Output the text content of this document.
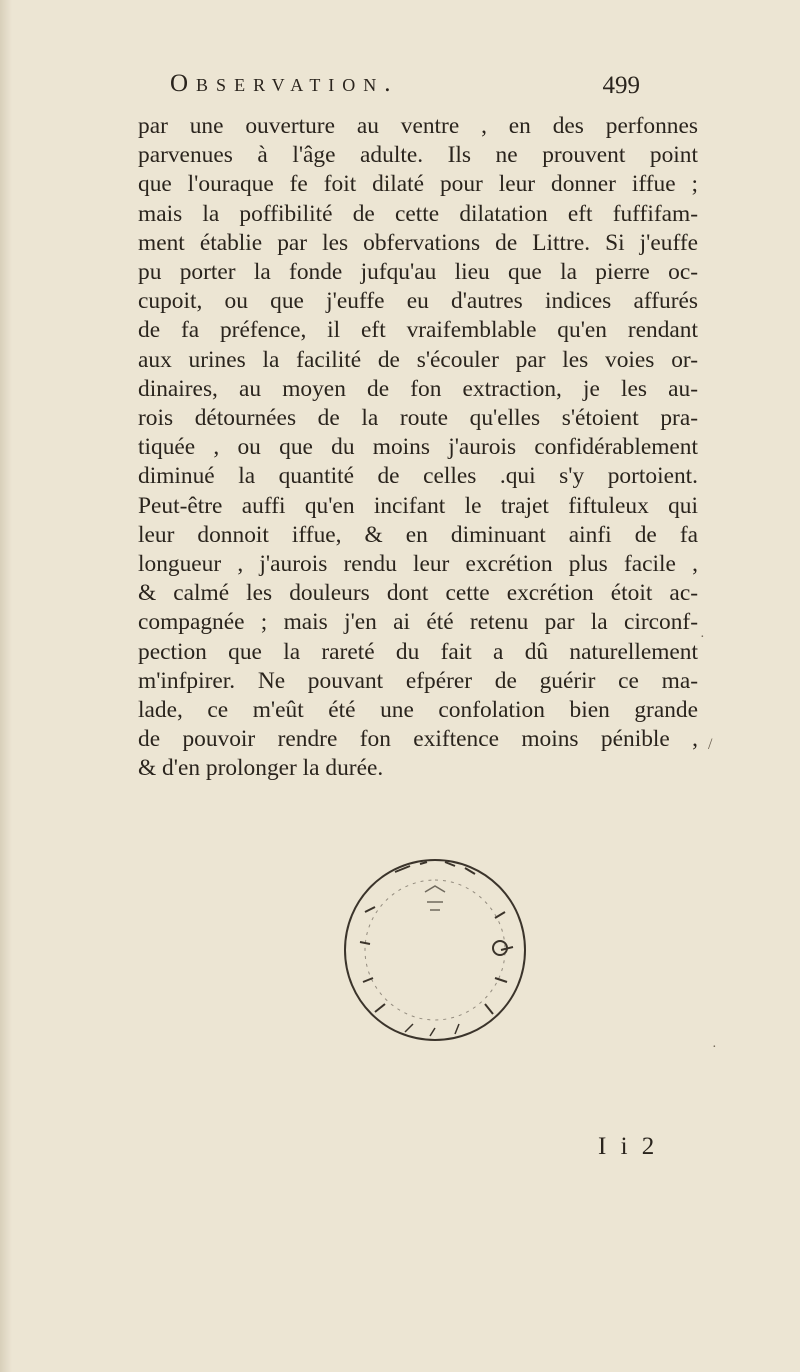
Observation.	499
par une ouverture au ventre , en des perfonnes
parvenues à l'âge adulte. Ils ne prouvent point
que l'ouraque fe foit dilaté pour leur donner iffue ;
mais la poffibilité de cette dilatation eft fuffifam-
ment établie par les obfervations de Littre. Si j'euffe
pu porter la fonde jufqu'au lieu que la pierre oc-
cupoit, ou que j'euffe eu d'autres indices affurés
de fa préfence, il eft vraifemblable qu'en rendant
aux urines la facilité de s'écouler par les voies or-
dinaires, au moyen de fon extraction, je les au-
rois détournées de la route qu'elles s'étoient pra-
tiquée , ou que du moins j'aurois confidérablement
diminué la quantité de celles .qui s'y portoient.
Peut-être auffi qu'en incifant le trajet fiftuleux qui
leur donnoit iffue, & en diminuant ainfi de fa
longueur , j'aurois rendu leur excrétion plus facile ,
& calmé les douleurs dont cette excrétion étoit ac-
compagnée ; mais j'en ai été retenu par la circonf-
pection que la rareté du fait a dû naturellement
m'infpirer. Ne pouvant efpérer de guérir ce ma-
lade, ce m'eût été une confolation bien grande
de pouvoir rendre fon exiftence moins pénible ,
& d'en prolonger la durée.
I i 2
·
/
·
